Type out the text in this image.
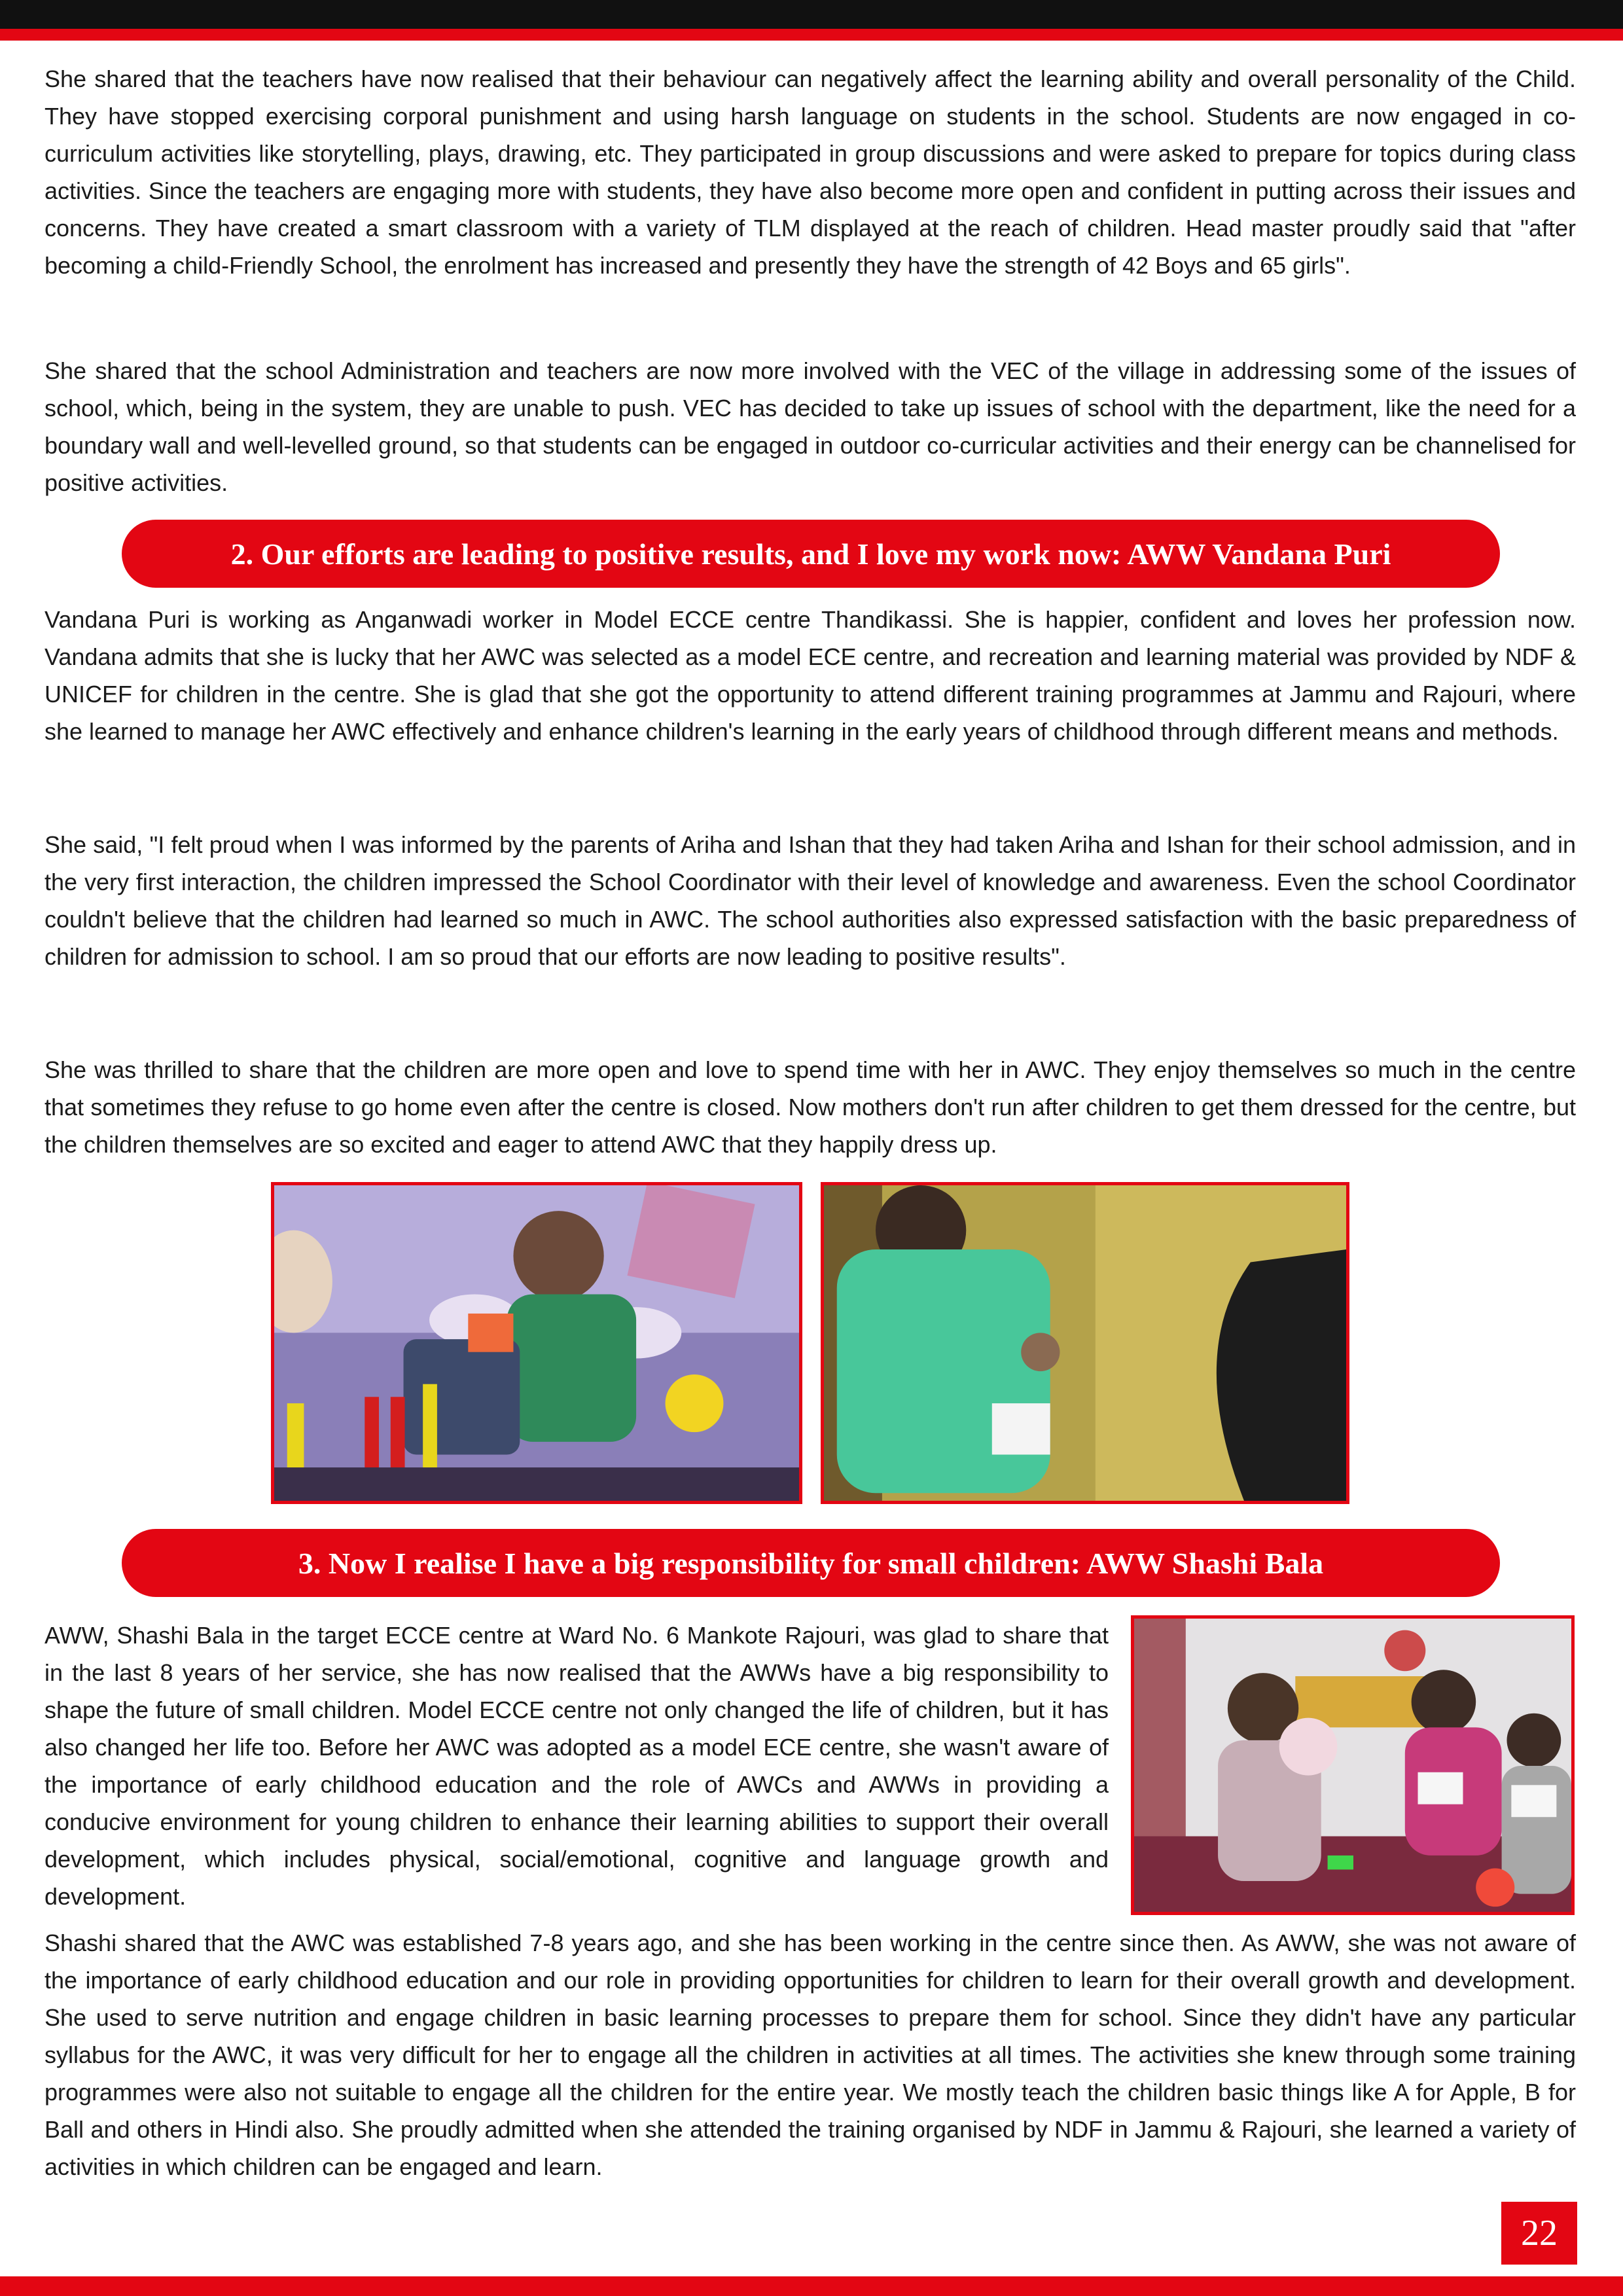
She shared that the teachers have now realised that their behaviour can negatively affect the learning ability and overall personality of the Child. They have stopped exercising corporal punishment and using harsh language on students in the school. Students are now engaged in co-curriculum activities like storytelling, plays, drawing, etc. They participated in group discussions and were asked to prepare for topics during class activities. Since the teachers are engaging more with students, they have also become more open and confident in putting across their issues and concerns. They have created a smart classroom with a variety of TLM displayed at the reach of children. Head master proudly said that "after becoming a child-Friendly School, the enrolment has increased and presently they have the strength of 42 Boys and 65 girls".

She shared that the school Administration and teachers are now more involved with the VEC of the village in addressing some of the issues of school, which, being in the system, they are unable to push. VEC has decided to take up issues of school with the department, like the need for a boundary wall and well-levelled ground, so that students can be engaged in outdoor co-curricular activities and their energy can be channelised for positive activities.

2. Our efforts are leading to positive results, and I love my work now: AWW Vandana Puri

Vandana Puri is working as Anganwadi worker in Model ECCE centre Thandikassi. She is happier, confident and loves her profession now. Vandana admits that she is lucky that her AWC was selected as a model ECE centre, and recreation and learning material was provided by NDF & UNICEF for children in the centre. She is glad that she got the opportunity to attend different training programmes at Jammu and Rajouri, where she learned to manage her AWC effectively and enhance children's learning in the early years of childhood through different means and methods.

She said, "I felt proud when I was informed by the parents of Ariha and Ishan that they had taken Ariha and Ishan for their school admission, and in the very first interaction, the children impressed the School Coordinator with their level of knowledge and awareness. Even the school Coordinator couldn't believe that the children had learned so much in AWC. The school authorities also expressed satisfaction with the basic preparedness of children for admission to school. I am so proud that our efforts are now leading to positive results".

She was thrilled to share that the children are more open and love to spend time with her in AWC. They enjoy themselves so much in the centre that sometimes they refuse to go home even after the centre is closed. Now mothers don't run after children to get them dressed for the centre, but the children themselves are so excited and eager to attend AWC that they happily dress up.

3. Now I realise I have a big responsibility for small children: AWW Shashi Bala

AWW, Shashi Bala in the target ECCE centre at Ward No. 6 Mankote Rajouri, was glad to share that in the last 8 years of her service, she has now realised that the AWWs have a big responsibility to shape the future of small children. Model ECCE centre not only changed the life of children, but it has also changed her life too. Before her AWC was adopted as a model ECE centre, she wasn't aware of the importance of early childhood education and the role of AWCs and AWWs in providing a conducive environment for young children to enhance their learning abilities to support their overall development, which includes physical, social/emotional, cognitive and language growth and development.

Shashi shared that the AWC was established 7-8 years ago, and she has been working in the centre since then. As AWW, she was not aware of the importance of early childhood education and our role in providing opportunities for children to learn for their overall growth and development. She used to serve nutrition and engage children in basic learning processes to prepare them for school. Since they didn't have any particular syllabus for the AWC, it was very difficult for her to engage all the children in activities at all times. The activities she knew through some training programmes were also not suitable to engage all the children for the entire year. We mostly teach the children basic things like A for Apple, B for Ball and others in Hindi also. She proudly admitted when she attended the training organised by NDF in Jammu & Rajouri, she learned a variety of activities in which children can be engaged and learn.

22
